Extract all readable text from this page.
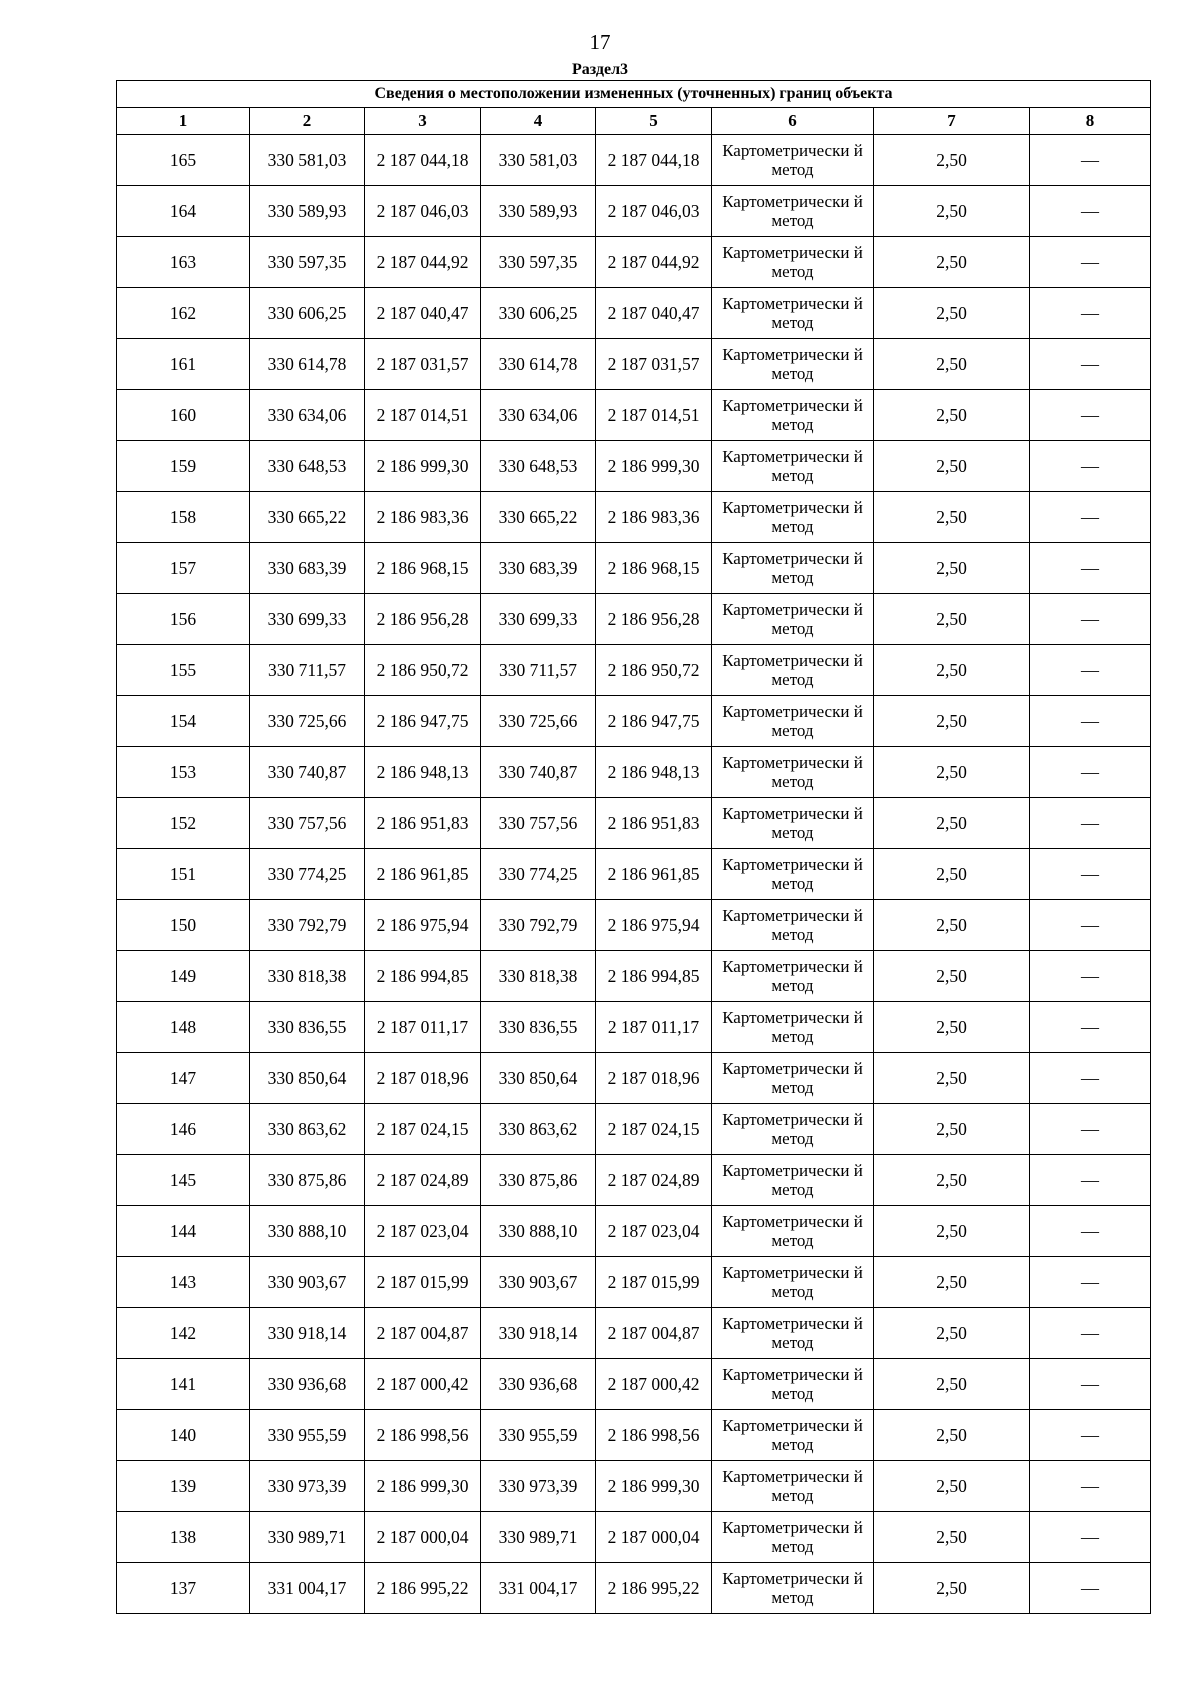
17
Раздел3
Сведения о местоположении измененных (уточненных) границ объекта							
1	2	3	4	5	6	7	8
165	330 581,03	2 187 044,18	330 581,03	2 187 044,18	Картометрически й метод	2,50	—
164	330 589,93	2 187 046,03	330 589,93	2 187 046,03	Картометрически й метод	2,50	—
163	330 597,35	2 187 044,92	330 597,35	2 187 044,92	Картометрически й метод	2,50	—
162	330 606,25	2 187 040,47	330 606,25	2 187 040,47	Картометрически й метод	2,50	—
161	330 614,78	2 187 031,57	330 614,78	2 187 031,57	Картометрически й метод	2,50	—
160	330 634,06	2 187 014,51	330 634,06	2 187 014,51	Картометрически й метод	2,50	—
159	330 648,53	2 186 999,30	330 648,53	2 186 999,30	Картометрически й метод	2,50	—
158	330 665,22	2 186 983,36	330 665,22	2 186 983,36	Картометрически й метод	2,50	—
157	330 683,39	2 186 968,15	330 683,39	2 186 968,15	Картометрически й метод	2,50	—
156	330 699,33	2 186 956,28	330 699,33	2 186 956,28	Картометрически й метод	2,50	—
155	330 711,57	2 186 950,72	330 711,57	2 186 950,72	Картометрически й метод	2,50	—
154	330 725,66	2 186 947,75	330 725,66	2 186 947,75	Картометрически й метод	2,50	—
153	330 740,87	2 186 948,13	330 740,87	2 186 948,13	Картометрически й метод	2,50	—
152	330 757,56	2 186 951,83	330 757,56	2 186 951,83	Картометрически й метод	2,50	—
151	330 774,25	2 186 961,85	330 774,25	2 186 961,85	Картометрически й метод	2,50	—
150	330 792,79	2 186 975,94	330 792,79	2 186 975,94	Картометрически й метод	2,50	—
149	330 818,38	2 186 994,85	330 818,38	2 186 994,85	Картометрически й метод	2,50	—
148	330 836,55	2 187 011,17	330 836,55	2 187 011,17	Картометрически й метод	2,50	—
147	330 850,64	2 187 018,96	330 850,64	2 187 018,96	Картометрически й метод	2,50	—
146	330 863,62	2 187 024,15	330 863,62	2 187 024,15	Картометрически й метод	2,50	—
145	330 875,86	2 187 024,89	330 875,86	2 187 024,89	Картометрически й метод	2,50	—
144	330 888,10	2 187 023,04	330 888,10	2 187 023,04	Картометрически й метод	2,50	—
143	330 903,67	2 187 015,99	330 903,67	2 187 015,99	Картометрически й метод	2,50	—
142	330 918,14	2 187 004,87	330 918,14	2 187 004,87	Картометрически й метод	2,50	—
141	330 936,68	2 187 000,42	330 936,68	2 187 000,42	Картометрически й метод	2,50	—
140	330 955,59	2 186 998,56	330 955,59	2 186 998,56	Картометрически й метод	2,50	—
139	330 973,39	2 186 999,30	330 973,39	2 186 999,30	Картометрически й метод	2,50	—
138	330 989,71	2 187 000,04	330 989,71	2 187 000,04	Картометрически й метод	2,50	—
137	331 004,17	2 186 995,22	331 004,17	2 186 995,22	Картометрически й метод	2,50	—
